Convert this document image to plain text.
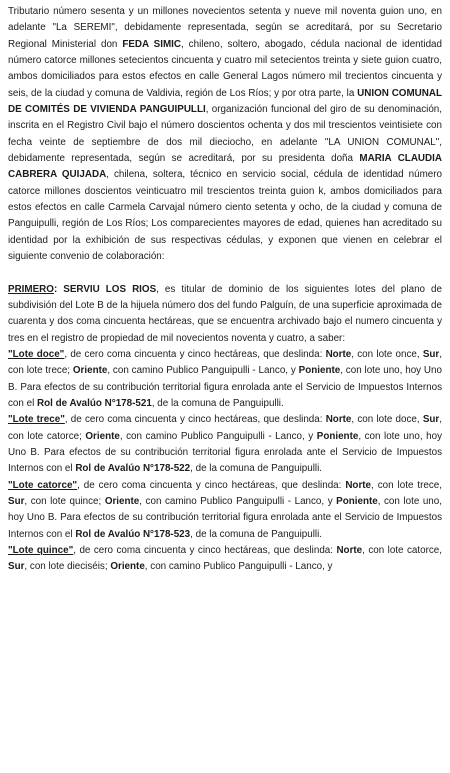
Tributario número sesenta y un millones novecientos setenta y nueve mil noventa guion uno, en adelante "La SEREMI", debidamente representada, según se acreditará, por su Secretario Regional Ministerial don FEDA SIMIC, chileno, soltero, abogado, cédula nacional de identidad número catorce millones setecientos cincuenta y cuatro mil setecientos treinta y siete guion cuatro, ambos domiciliados para estos efectos en calle General Lagos número mil trecientos cincuenta y seis, de la ciudad y comuna de Valdivia, región de Los Ríos; y por otra parte, la UNION COMUNAL DE COMITÉS DE VIVIENDA PANGUIPULLI, organización funcional del giro de su denominación, inscrita en el Registro Civil bajo el número doscientos ochenta y dos mil trescientos veintisiete con fecha veinte de septiembre de dos mil dieciocho, en adelante "LA UNION COMUNAL", debidamente representada, según se acreditará, por su presidenta doña MARIA CLAUDIA CABRERA QUIJADA, chilena, soltera, técnico en servicio social, cédula de identidad número catorce millones doscientos veinticuatro mil trescientos treinta guion k, ambos domiciliados para estos efectos en calle Carmela Carvajal número ciento setenta y ocho, de la ciudad y comuna de Panguipulli, región de Los Ríos; Los comparecientes mayores de edad, quienes han acreditado su identidad por la exhibición de sus respectivas cédulas, y exponen que vienen en celebrar el siguiente convenio de colaboración:

PRIMERO: SERVIU LOS RIOS, es titular de dominio de los siguientes lotes del plano de subdivisión del Lote B de la hijuela número dos del fundo Palguín, de una superficie aproximada de cuarenta y dos coma cincuenta hectáreas, que se encuentra archivado bajo el numero cincuenta y tres en el registro de propiedad de mil novecientos noventa y cuatro, a saber:

"Lote doce", de cero coma cincuenta y cinco hectáreas, que deslinda: Norte, con lote once, Sur, con lote trece; Oriente, con camino Publico Panguipulli - Lanco, y Poniente, con lote uno, hoy Uno B. Para efectos de su contribución territorial figura enrolada ante el Servicio de Impuestos Internos con el Rol de Avalúo N°178-521, de la comuna de Panguipulli.

"Lote trece", de cero coma cincuenta y cinco hectáreas, que deslinda: Norte, con lote doce, Sur, con lote catorce; Oriente, con camino Publico Panguipulli - Lanco, y Poniente, con lote uno, hoy Uno B. Para efectos de su contribución territorial figura enrolada ante el Servicio de Impuestos Internos con el Rol de Avalúo N°178-522, de la comuna de Panguipulli.

"Lote catorce", de cero coma cincuenta y cinco hectáreas, que deslinda: Norte, con lote trece, Sur, con lote quince; Oriente, con camino Publico Panguipulli - Lanco, y Poniente, con lote uno, hoy Uno B. Para efectos de su contribución territorial figura enrolada ante el Servicio de Impuestos Internos con el Rol de Avalúo N°178-523, de la comuna de Panguipulli.

"Lote quince", de cero coma cincuenta y cinco hectáreas, que deslinda: Norte, con lote catorce, Sur, con lote dieciséis; Oriente, con camino Publico Panguipulli - Lanco, y
